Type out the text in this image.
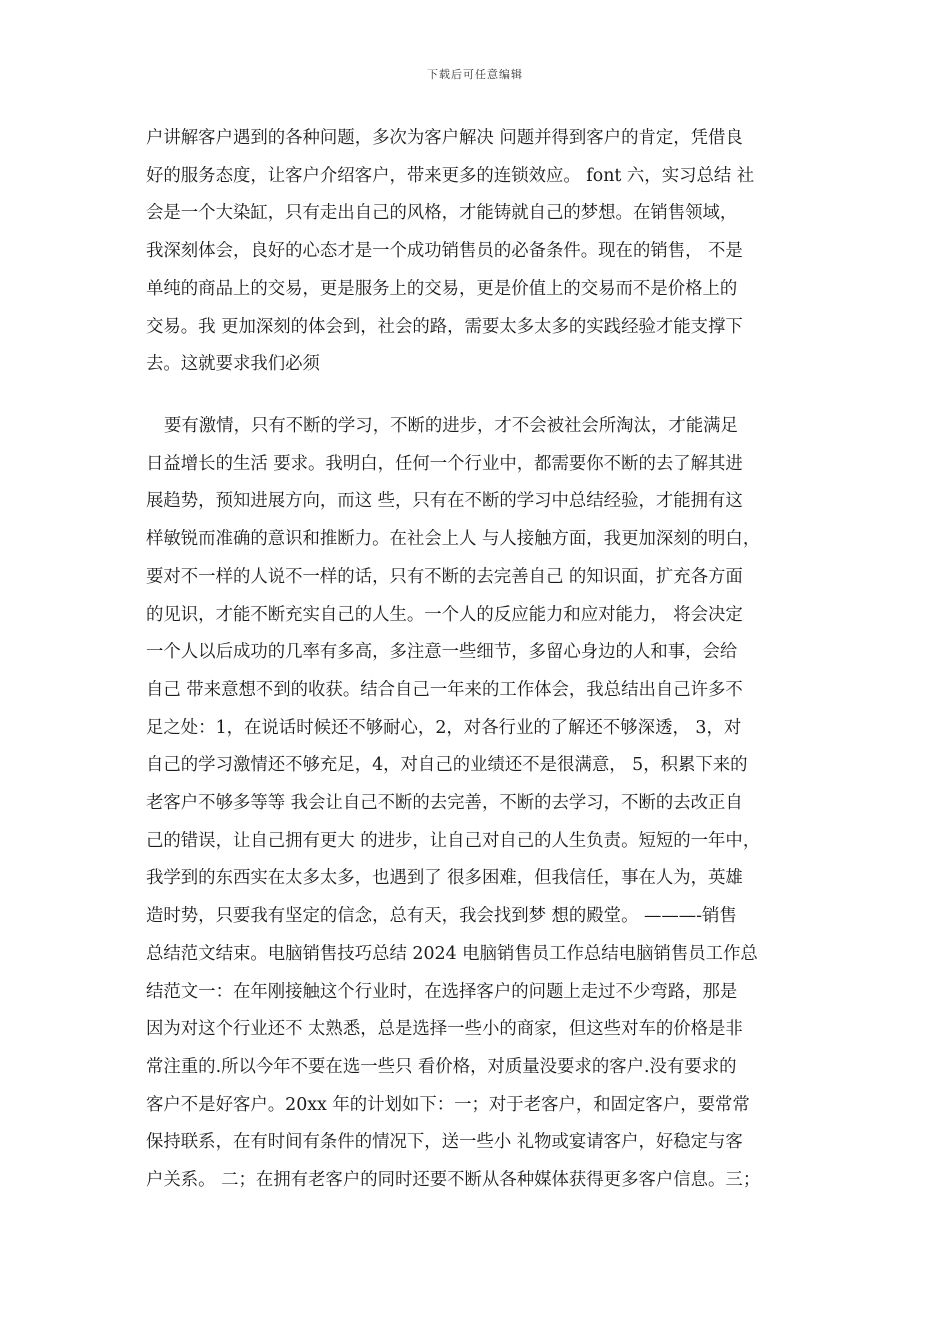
下载后可任意编辑
户讲解客户遇到的各种问题，多次为客户解决 问题并得到客户的肯定，凭借良
好的服务态度，让客户介绍客户，带来更多的连锁效应。 font 六，实习总结 社
会是一个大染缸，只有走出自己的风格，才能铸就自己的梦想。在销售领域，
我深刻体会，良好的心态才是一个成功销售员的必备条件。现在的销售， 不是
单纯的商品上的交易，更是服务上的交易，更是价值上的交易而不是价格上的
交易。我 更加深刻的体会到，社会的路，需要太多太多的实践经验才能支撑下
去。这就要求我们必须
要有激情，只有不断的学习，不断的进步，才不会被社会所淘汰，才能满足
日益增长的生活 要求。我明白，任何一个行业中，都需要你不断的去了解其进
展趋势，预知进展方向，而这 些，只有在不断的学习中总结经验，才能拥有这
样敏锐而准确的意识和推断力。在社会上人 与人接触方面，我更加深刻的明白，
要对不一样的人说不一样的话，只有不断的去完善自己 的知识面，扩充各方面
的见识，才能不断充实自己的人生。一个人的反应能力和应对能力， 将会决定
一个人以后成功的几率有多高，多注意一些细节，多留心身边的人和事，会给
自己 带来意想不到的收获。结合自己一年来的工作体会，我总结出自己许多不
足之处：1，在说话时候还不够耐心，2，对各行业的了解还不够深透， 3，对
自己的学习激情还不够充足，4，对自己的业绩还不是很满意， 5，积累下来的
老客户不够多等等 我会让自己不断的去完善，不断的去学习，不断的去改正自
己的错误，让自己拥有更大 的进步，让自己对自己的人生负责。短短的一年中，
我学到的东西实在太多太多，也遇到了 很多困难，但我信任，事在人为，英雄
造时势，只要我有坚定的信念，总有天，我会找到梦 想的殿堂。 ———-销售
总结范文结束。电脑销售技巧总结 2024 电脑销售员工作总结电脑销售员工作总
结范文一：在年刚接触这个行业时，在选择客户的问题上走过不少弯路，那是
因为对这个行业还不 太熟悉，总是选择一些小的商家，但这些对车的价格是非
常注重的.所以今年不要在选一些只 看价格，对质量没要求的客户.没有要求的
客户不是好客户。20xx 年的计划如下：一；对于老客户，和固定客户，要常常
保持联系，在有时间有条件的情况下，送一些小 礼物或宴请客户，好稳定与客
户关系。 二；在拥有老客户的同时还要不断从各种媒体获得更多客户信息。三；
